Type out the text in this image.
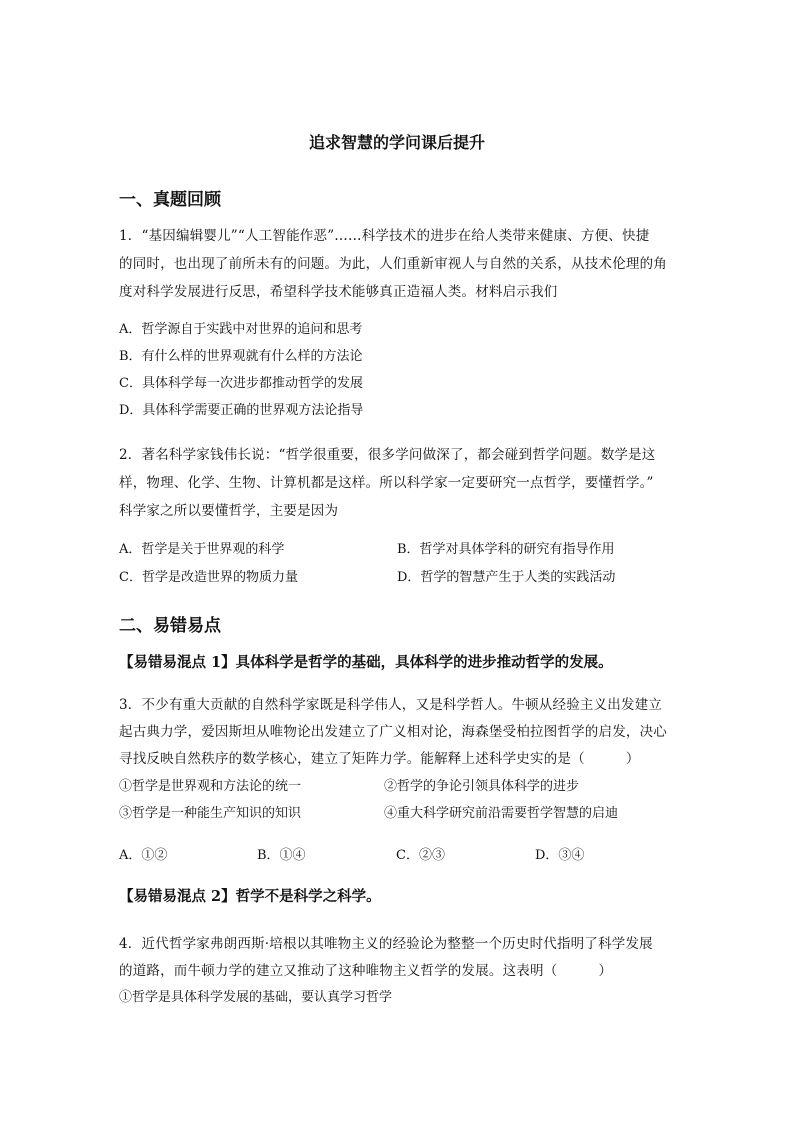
追求智慧的学问课后提升
一、真题回顾
1．“基因编辑婴儿”“人工智能作恶”……科学技术的进步在给人类带来健康、方便、快捷
的同时，也出现了前所未有的问题。为此，人们重新审视人与自然的关系，从技术伦理的角
度对科学发展进行反思，希望科学技术能够真正造福人类。材料启示我们
A．哲学源自于实践中对世界的追问和思考
B．有什么样的世界观就有什么样的方法论
C．具体科学每一次进步都推动哲学的发展
D．具体科学需要正确的世界观方法论指导
2．著名科学家钱伟长说：“哲学很重要，很多学问做深了，都会碰到哲学问题。数学是这
样，物理、化学、生物、计算机都是这样。所以科学家一定要研究一点哲学，要懂哲学。”
科学家之所以要懂哲学，主要是因为
A．哲学是关于世界观的科学	B．哲学对具体学科的研究有指导作用
C．哲学是改造世界的物质力量	D．哲学的智慧产生于人类的实践活动
二、易错易点
【易错易混点 1】具体科学是哲学的基础，具体科学的进步推动哲学的发展。
3．不少有重大贡献的自然科学家既是科学伟人，又是科学哲人。牛顿从经验主义出发建立
起古典力学，爱因斯坦从唯物论出发建立了广义相对论，海森堡受柏拉图哲学的启发，决心
寻找反映自然秩序的数学核心，建立了矩阵力学。能解释上述科学史实的是（　　　）
①哲学是世界观和方法论的统一	②哲学的争论引领具体科学的进步
③哲学是一种能生产知识的知识	④重大科学研究前沿需要哲学智慧的启迪
A．①②	B．①④	C．②③	D．③④
【易错易混点 2】哲学不是科学之科学。
4．近代哲学家弗朗西斯·培根以其唯物主义的经验论为整整一个历史时代指明了科学发展
的道路，而牛顿力学的建立又推动了这种唯物主义哲学的发展。这表明（　　　）
①哲学是具体科学发展的基础，要认真学习哲学
